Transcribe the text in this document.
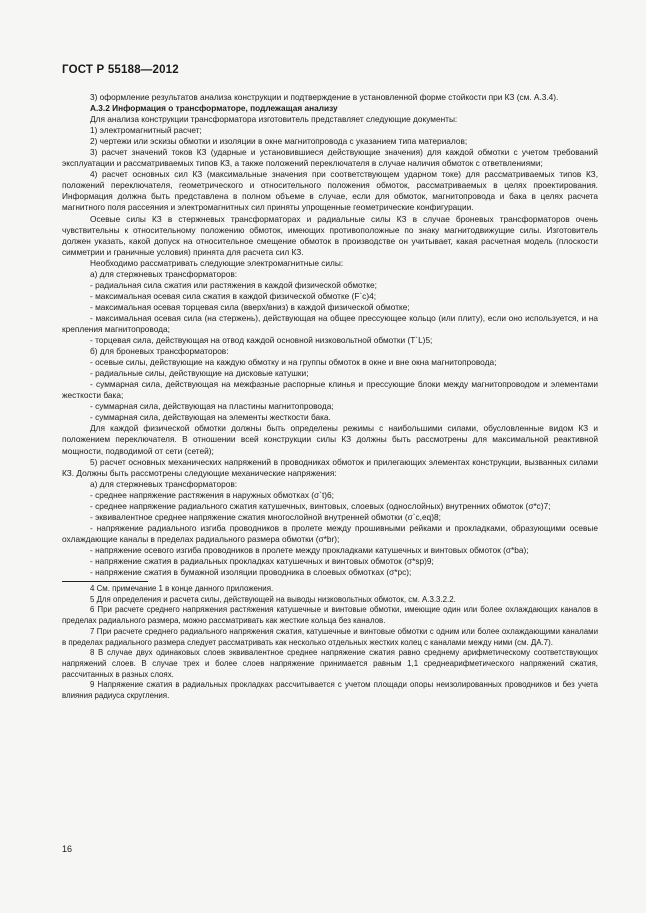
ГОСТ Р 55188—2012

3) оформление результатов анализа конструкции и подтверждение в установленной форме стойкости при КЗ (см. А.3.4).

А.3.2 Информация о трансформаторе, подлежащая анализу

Для анализа конструкции трансформатора изготовитель представляет следующие документы:

1) электромагнитный расчет;

2) чертежи или эскизы обмотки и изоляции в окне магнитопровода с указанием типа материалов;

3) расчет значений токов КЗ (ударные и установившиеся действующие значения) для каждой обмотки с учетом требований эксплуатации и рассматриваемых типов КЗ, а также положений переключателя в случае наличия обмоток с ответвлениями;

4) расчет основных сил КЗ (максимальные значения при соответствующем ударном токе) для рассматриваемых типов КЗ, положений переключателя, геометрического и относительного положения обмоток, рассматриваемых в целях проектирования. Информация должна быть представлена в полном объеме в случае, если для обмоток, магнитопровода и бака в целях расчета магнитного поля рассеяния и электромагнитных сил приняты упрощенные геометрические конфигурации.

Осевые силы КЗ в стержневых трансформаторах и радиальные силы КЗ в случае броневых трансформаторов очень чувствительны к относительному положению обмоток, имеющих противоположные по знаку магнитодвижущие силы. Изготовитель должен указать, какой допуск на относительное смещение обмоток в производстве он учитывает, какая расчетная модель (плоскости симметрии и граничные условия) принята для расчета сил КЗ.

Необходимо рассматривать следующие электромагнитные силы:

а) для стержневых трансформаторов:

- радиальная сила сжатия или растяжения в каждой физической обмотке;

- максимальная осевая сила сжатия в каждой физической обмотке (F`c)4;

- максимальная осевая торцевая сила (вверх/вниз) в каждой физической обмотке;

- максимальная осевая сила (на стержень), действующая на общее прессующее кольцо (или плиту), если оно используется, и на крепления магнитопровода;

- торцевая сила, действующая на отвод каждой основной низковольтной обмотки (T`L)5;

б) для броневых трансформаторов:

- осевые силы, действующие на каждую обмотку и на группы обмоток в окне и вне окна магнитопровода;

- радиальные силы, действующие на дисковые катушки;

- суммарная сила, действующая на межфазные распорные клинья и прессующие блоки между магнитопроводом и элементами жесткости бака;

- суммарная сила, действующая на пластины магнитопровода;

- суммарная сила, действующая на элементы жесткости бака.

Для каждой физической обмотки должны быть определены режимы с наибольшими силами, обусловленные видом КЗ и положением переключателя. В отношении всей конструкции силы КЗ должны быть рассмотрены для максимальной реактивной мощности, подводимой от сети (сетей);

5) расчет основных механических напряжений в проводниках обмоток и прилегающих элементах конструкции, вызванных силами КЗ. Должны быть рассмотрены следующие механические напряжения:

а) для стержневых трансформаторов:

- среднее напряжение растяжения в наружных обмотках (σ`t)6;

- среднее напряжение радиального сжатия катушечных, винтовых, слоевых (однослойных) внутренних обмоток (σ*c)7;

- эквивалентное среднее напряжение сжатия многослойной внутренней обмотки (σ`c,eq)8;

- напряжение радиального изгиба проводников в пролете между прошивными рейками и прокладками, образующими осевые охлаждающие каналы в пределах радиального размера обмотки (σ*br);

- напряжение осевого изгиба проводников в пролете между прокладками катушечных и винтовых обмоток (σ*ba);

- напряжение сжатия в радиальных прокладках катушечных и винтовых обмоток (σ*sp)9;

- напряжение сжатия в бумажной изоляции проводника в слоевых обмотках (σ*pc);

4 См. примечание 1 в конце данного приложения.

5 Для определения и расчета силы, действующей на выводы низковольтных обмоток, см. А.3.3.2.2.

6 При расчете среднего напряжения растяжения катушечные и винтовые обмотки, имеющие один или более охлаждающих каналов в пределах радиального размера, можно рассматривать как жесткие кольца без каналов.

7 При расчете среднего радиального напряжения сжатия, катушечные и винтовые обмотки с одним или более охлаждающими каналами в пределах радиального размера следует рассматривать как несколько отдельных жестких колец с каналами между ними (см. ДА.7).

8 В случае двух одинаковых слоев эквивалентное среднее напряжение сжатия равно среднему арифметическому соответствующих напряжений слоев. В случае трех и более слоев напряжение принимается равным 1,1 среднеарифметического напряжений сжатия, рассчитанных в разных слоях.

9 Напряжение сжатия в радиальных прокладках рассчитывается с учетом площади опоры неизолированных проводников и без учета влияния радиуса скругления.

16
